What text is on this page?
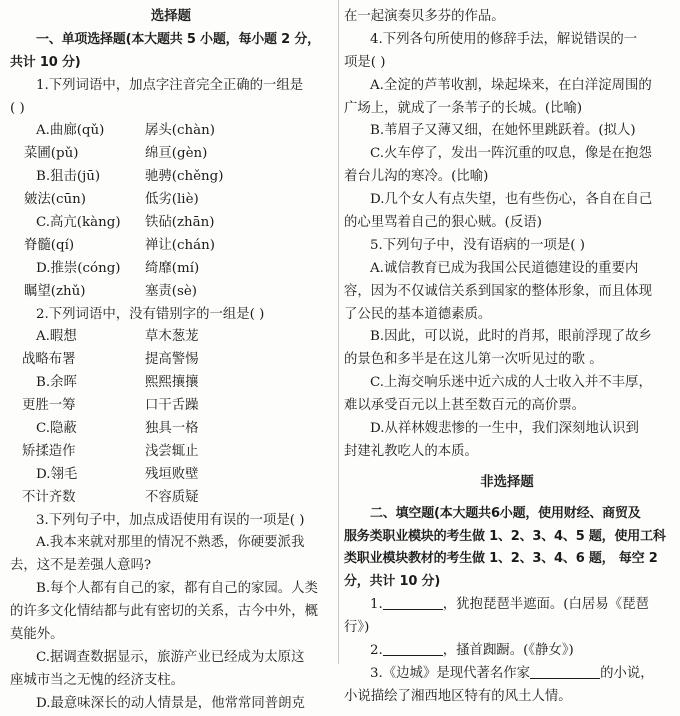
选择题
一、单项选择题(本大题共 5 小题，每小题 2 分，
共计 10 分)
1.下列词语中，加点字注音完全正确的一组是
( )
A.曲廊(qǔ)	孱头(chàn)
菜圃(pǔ)	绵亘(gèn)
B.狙击(jū)	驰骋(chěng)
皴法(cūn)	低劣(liè)
C.高亢(kàng)	铁砧(zhān)
脊髓(qí)	禅让(chán)
D.推崇(cóng)	绮靡(mí)
瞩望(zhǔ)	塞责(sè)
2.下列词语中，没有错别字的一组是( )
A.暇想	草木葱茏
战略布署	提高警惕
B.余晖	熙熙攘攘
更胜一筹	口干舌躁
C.隐蔽	独具一格
矫揉造作	浅尝辄止
D.翎毛	残垣败壁
不计齐数	不容质疑
3.下列句子中，加点成语使用有误的一项是( )
A.我本来就对那里的情况不熟悉，你硬要派我
去，这不是差强人意吗?
B.每个人都有自己的家，都有自己的家园。人类
的许多文化情结都与此有密切的关系，古今中外，概
莫能外。
C.据调查数据显示，旅游产业已经成为太原这
座城市当之无愧的经济支柱。
D.最意味深长的动人情景是，他常常同普朗克
在一起演奏贝多芬的作品。
4.下列各句所使用的修辞手法，解说错误的一
项是( )
A.全淀的芦苇收割，垛起垛来，在白洋淀周围的
广场上，就成了一条苇子的长城。(比喻)
B.苇眉子又薄又细，在她怀里跳跃着。(拟人)
C.火车停了，发出一阵沉重的叹息，像是在抱怨
着台儿沟的寒冷。(比喻)
D.几个女人有点失望，也有些伤心，各自在自己
的心里骂着自己的狠心贼。(反语)
5.下列句子中，没有语病的一项是( )
A.诚信教育已成为我国公民道德建设的重要内
容，因为不仅诚信关系到国家的整体形象，而且体现
了公民的基本道德素质。
B.因此，可以说，此时的肖邦，眼前浮现了故乡
的景色和多半是在这儿第一次听见过的歌 。
C.上海交响乐迷中近六成的人士收入并不丰厚，
难以承受百元以上甚至数百元的高价票。
D.从祥林嫂悲惨的一生中，我们深刻地认识到
封建礼教吃人的本质。
非选择题
二、填空题(本大题共6小题，使用财经、商贸及
服务类职业模块的考生做 1、2、3、4、5 题，使用工科
类职业模块教材的考生做 1、2、3、4、6 题， 每空 2
分，共计 10 分)
1.	，犹抱琵琶半遮面。(白居易《琵琶
行》)
2.	，搔首踟蹰。(《静女》)
3.《边城》是现代著名作家	的小说，
小说描绘了湘西地区特有的风土人情。
